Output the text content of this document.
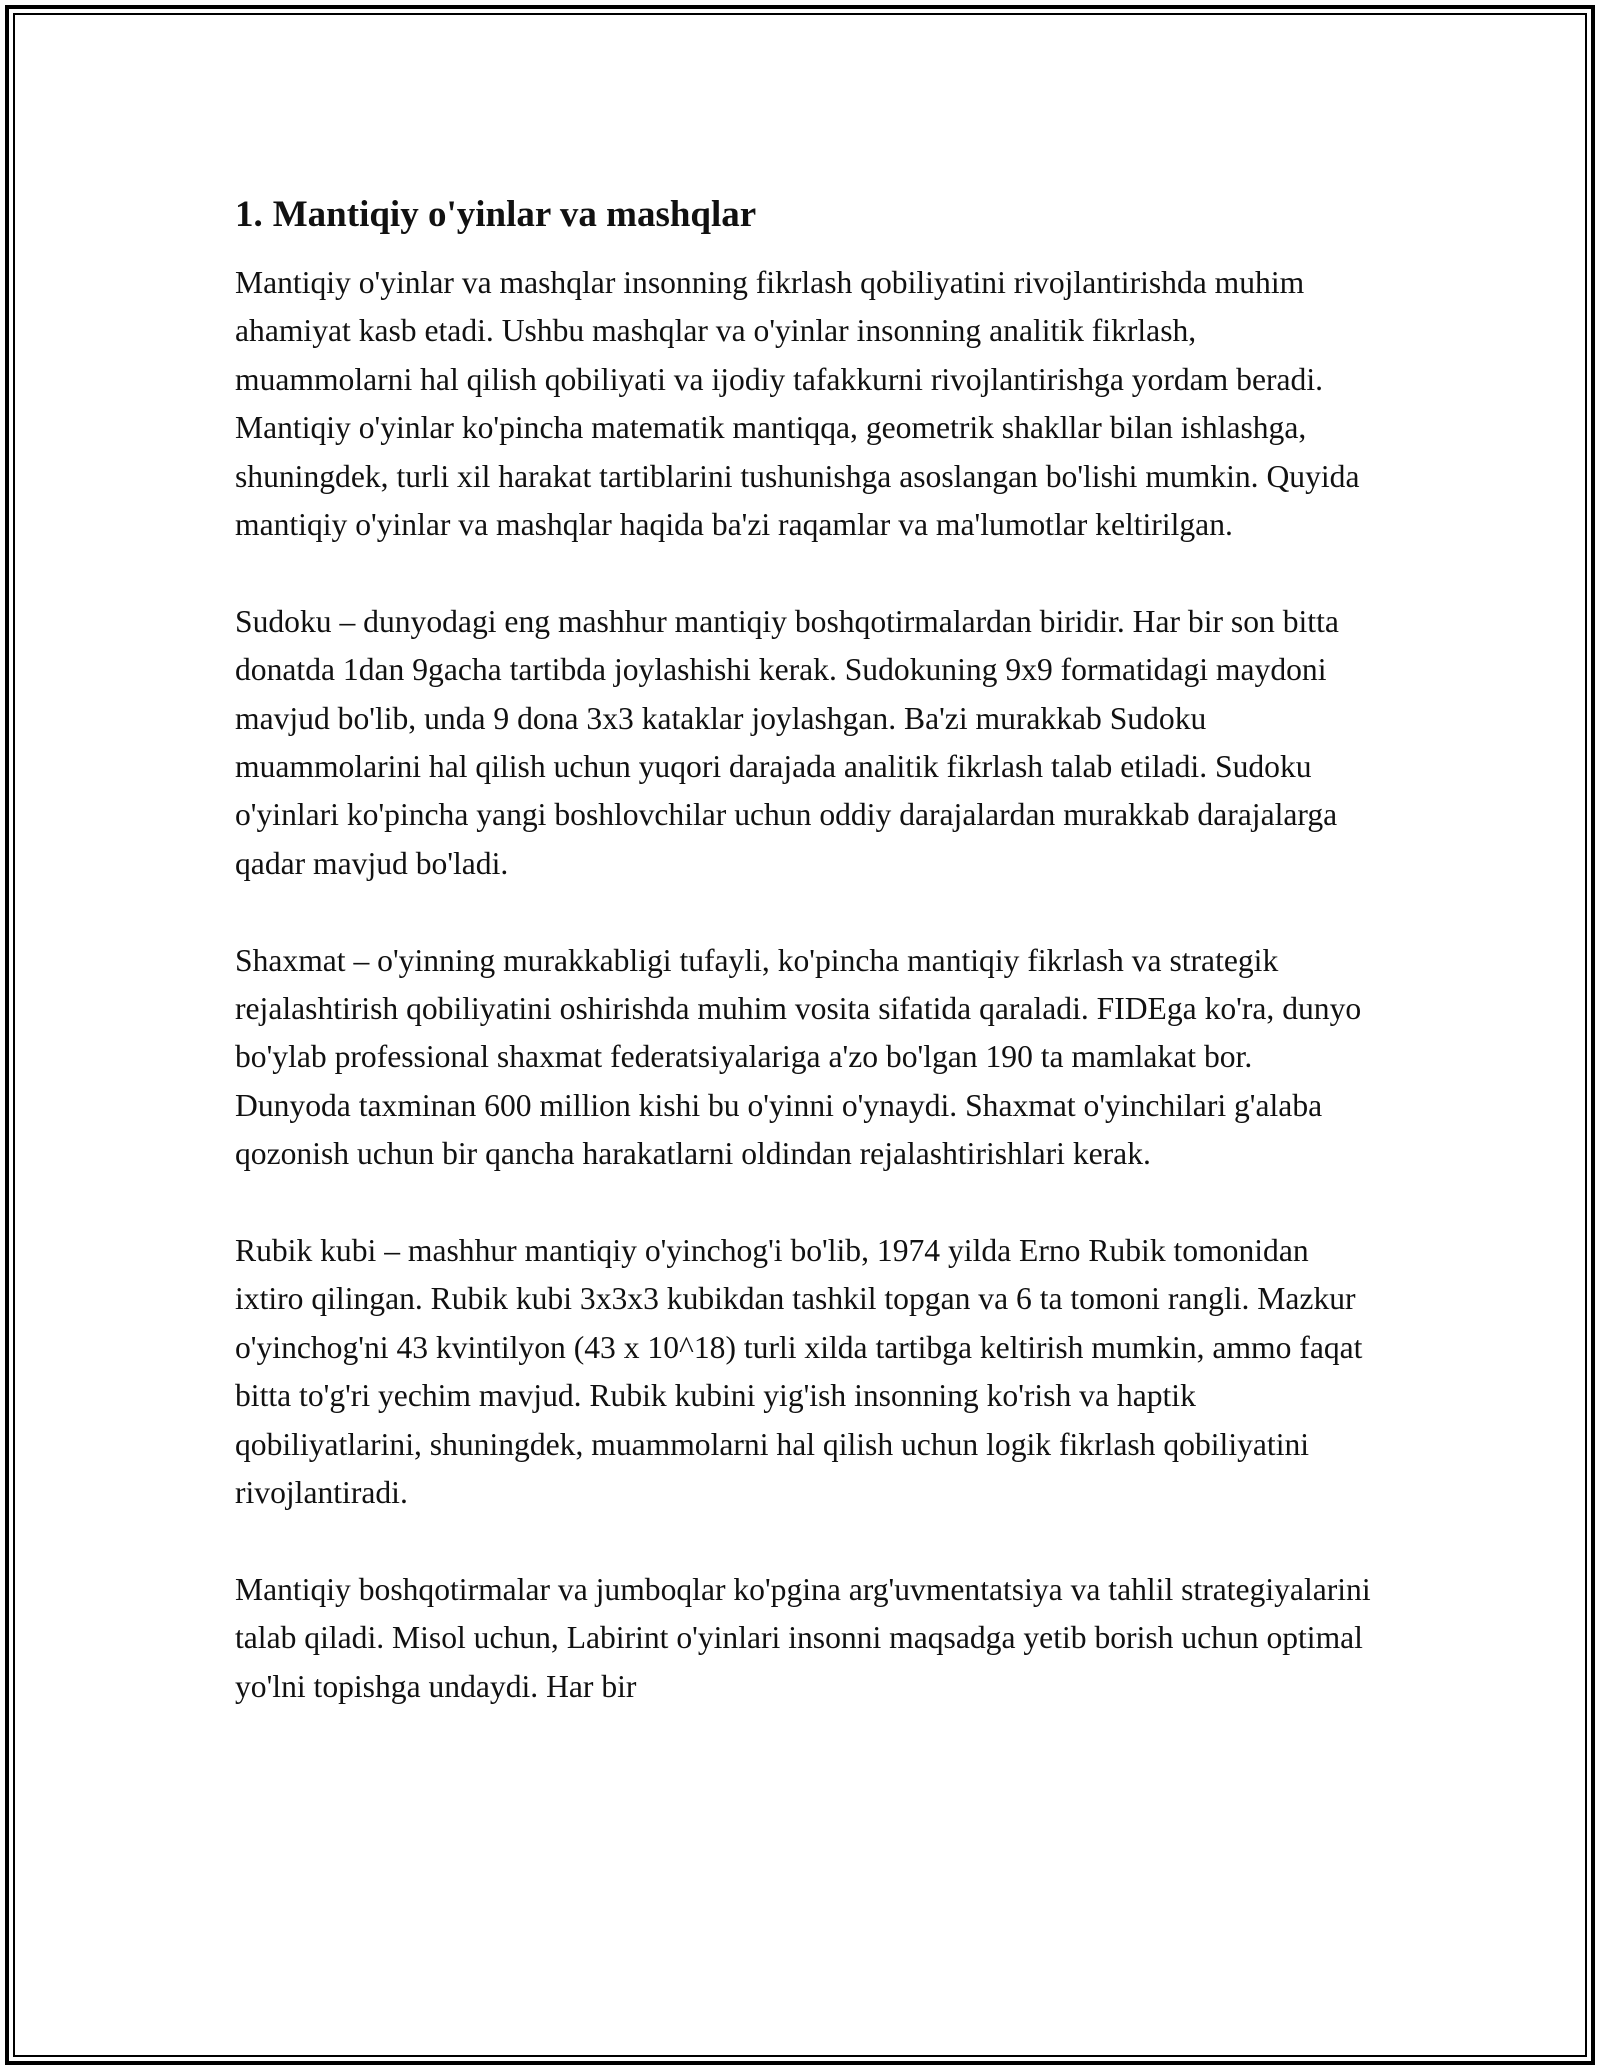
1. Mantiqiy o'yinlar va mashqlar

Mantiqiy o'yinlar va mashqlar insonning fikrlash qobiliyatini rivojlantirishda muhim ahamiyat kasb etadi. Ushbu mashqlar va o'yinlar insonning analitik fikrlash, muammolarni hal qilish qobiliyati va ijodiy tafakkurni rivojlantirishga yordam beradi. Mantiqiy o'yinlar ko'pincha matematik mantiqqa, geometrik shakllar bilan ishlashga, shuningdek, turli xil harakat tartiblarini tushunishga asoslangan bo'lishi mumkin. Quyida mantiqiy o'yinlar va mashqlar haqida ba'zi raqamlar va ma'lumotlar keltirilgan.

Sudoku – dunyodagi eng mashhur mantiqiy boshqotirmalardan biridir. Har bir son bitta donatda 1dan 9gacha tartibda joylashishi kerak. Sudokuning 9x9 formatidagi maydoni mavjud bo'lib, unda 9 dona 3x3 kataklar joylashgan. Ba'zi murakkab Sudoku muammolarini hal qilish uchun yuqori darajada analitik fikrlash talab etiladi. Sudoku o'yinlari ko'pincha yangi boshlovchilar uchun oddiy darajalardan murakkab darajalarga qadar mavjud bo'ladi.

Shaxmat – o'yinning murakkabligi tufayli, ko'pincha mantiqiy fikrlash va strategik rejalashtirish qobiliyatini oshirishda muhim vosita sifatida qaraladi. FIDEga ko'ra, dunyo bo'ylab professional shaxmat federatsiyalariga a'zo bo'lgan 190 ta mamlakat bor. Dunyoda taxminan 600 million kishi bu o'yinni o'ynaydi. Shaxmat o'yinchilari g'alaba qozonish uchun bir qancha harakatlarni oldindan rejalashtirishlari kerak.

Rubik kubi – mashhur mantiqiy o'yinchog'i bo'lib, 1974 yilda Erno Rubik tomonidan ixtiro qilingan. Rubik kubi 3x3x3 kubikdan tashkil topgan va 6 ta tomoni rangli. Mazkur o'yinchog'ni 43 kvintilyon (43 x 10^18) turli xilda tartibga keltirish mumkin, ammo faqat bitta to'g'ri yechim mavjud. Rubik kubini yig'ish insonning ko'rish va haptik qobiliyatlarini, shuningdek, muammolarni hal qilish uchun logik fikrlash qobiliyatini rivojlantiradi.

Mantiqiy boshqotirmalar va jumboqlar ko'pgina arg'uvmentatsiya va tahlil strategiyalarini talab qiladi. Misol uchun, Labirint o'yinlari insonni maqsadga yetib borish uchun optimal yo'lni topishga undaydi. Har bir
